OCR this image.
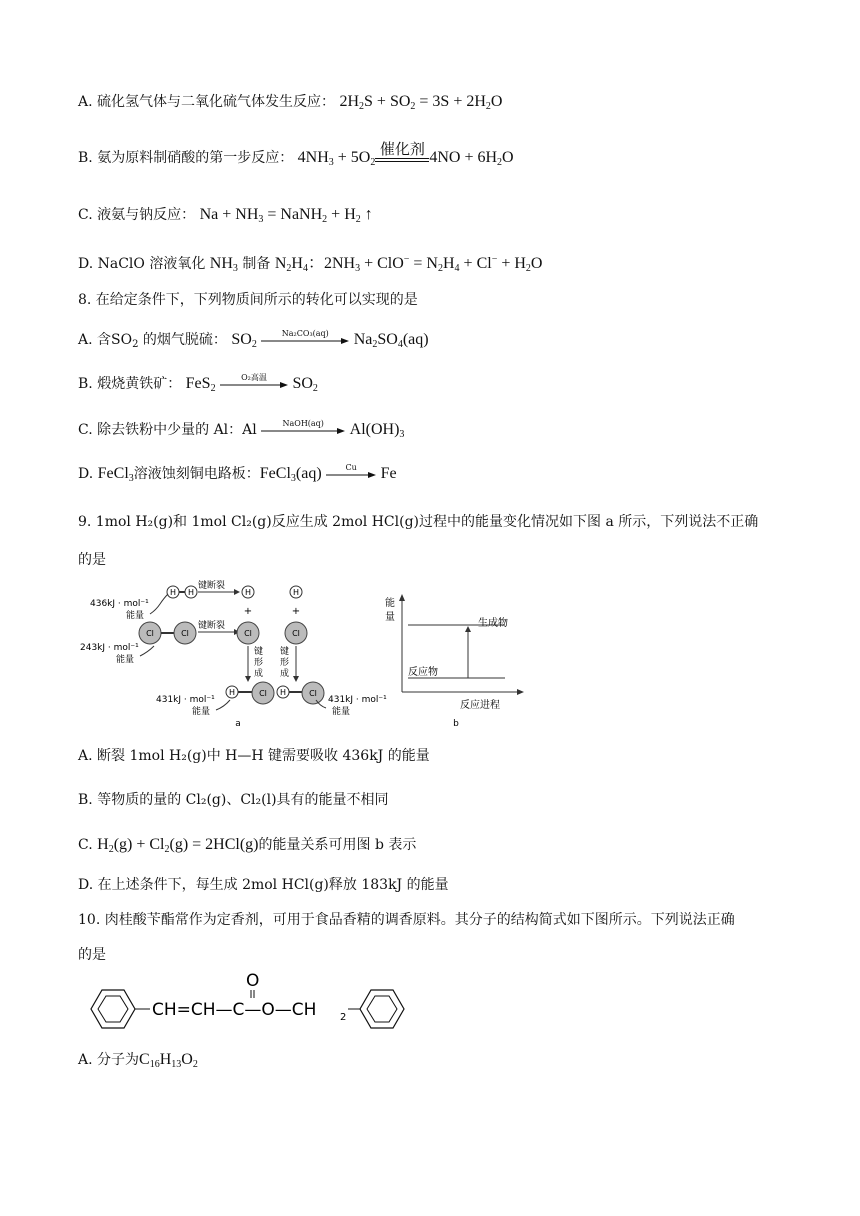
A. 硫化氢气体与二氧化硫气体发生反应： $2H_2S + SO_2 = 3S + 2H_2O$
B. 氨为原料制硝酸的第一步反应： $4NH_3 + 5O_2$
催化剂 $4NO + 6H_2O$
C. 液氨与钠反应： $Na + NH_3$ = NaNH$_2$ + $H_2$ ↑
D. NaClO 溶液氧化 $NH_3$ 制备 $N_2H_4$：$2NH_3 + ClO^- = N_2H_4 + Cl^- + H_2O$
8. 在给定条件下，下列物质间所示的转化可以实现的是
A. 含$SO_2$ 的烟气脱硫： $SO_2$
Na₂CO₃(aq)	$Na_2SO_4(aq)$
B. 煅烧黄铁矿： FeS$_2$
O₂高温	$SO_2$
C. 除去铁粉中少量的 Al：Al	NaOH(aq)	$Al(OH)_3$
D. FeCl$_3$溶液蚀刻铜电路板：FeCl$_3$(aq)	Cu	Fe
9. 1mol H₂(g)和 1mol Cl₂(g)反应生成 2mol HCl(g)过程中的能量变化情况如下图 a 所示，下列说法不正确
的是
H H
键断裂
H	H
+	+
436kJ · mol⁻¹
能量
Cl	Cl
键断裂
Cl	Cl
243kJ · mol⁻¹
能量
键
形
成
键
形
成
H	Cl H	Cl
431kJ · mol⁻¹
能量
431kJ · mol⁻¹
能量
a
能
量
生成物
反应物
反应进程
b
A. 断裂 1mol H₂(g)中 H—H 键需要吸收 436kJ 的能量
B. 等物质的量的 Cl₂(g)、Cl₂(l)具有的能量不相同
C. $H_2(g) + Cl_2(g) = 2HCl(g)$的能量关系可用图 b 表示
D. 在上述条件下，每生成 2mol HCl(g)释放 183kJ 的能量
10. 肉桂酸苄酯常作为定香剂，可用于食品香精的调香原料。其分子的结构简式如下图所示。下列说法正确
的是
CH=CH—C—O—CH
O
2
A. 分子为$C_{16}H_{13}O_2$
